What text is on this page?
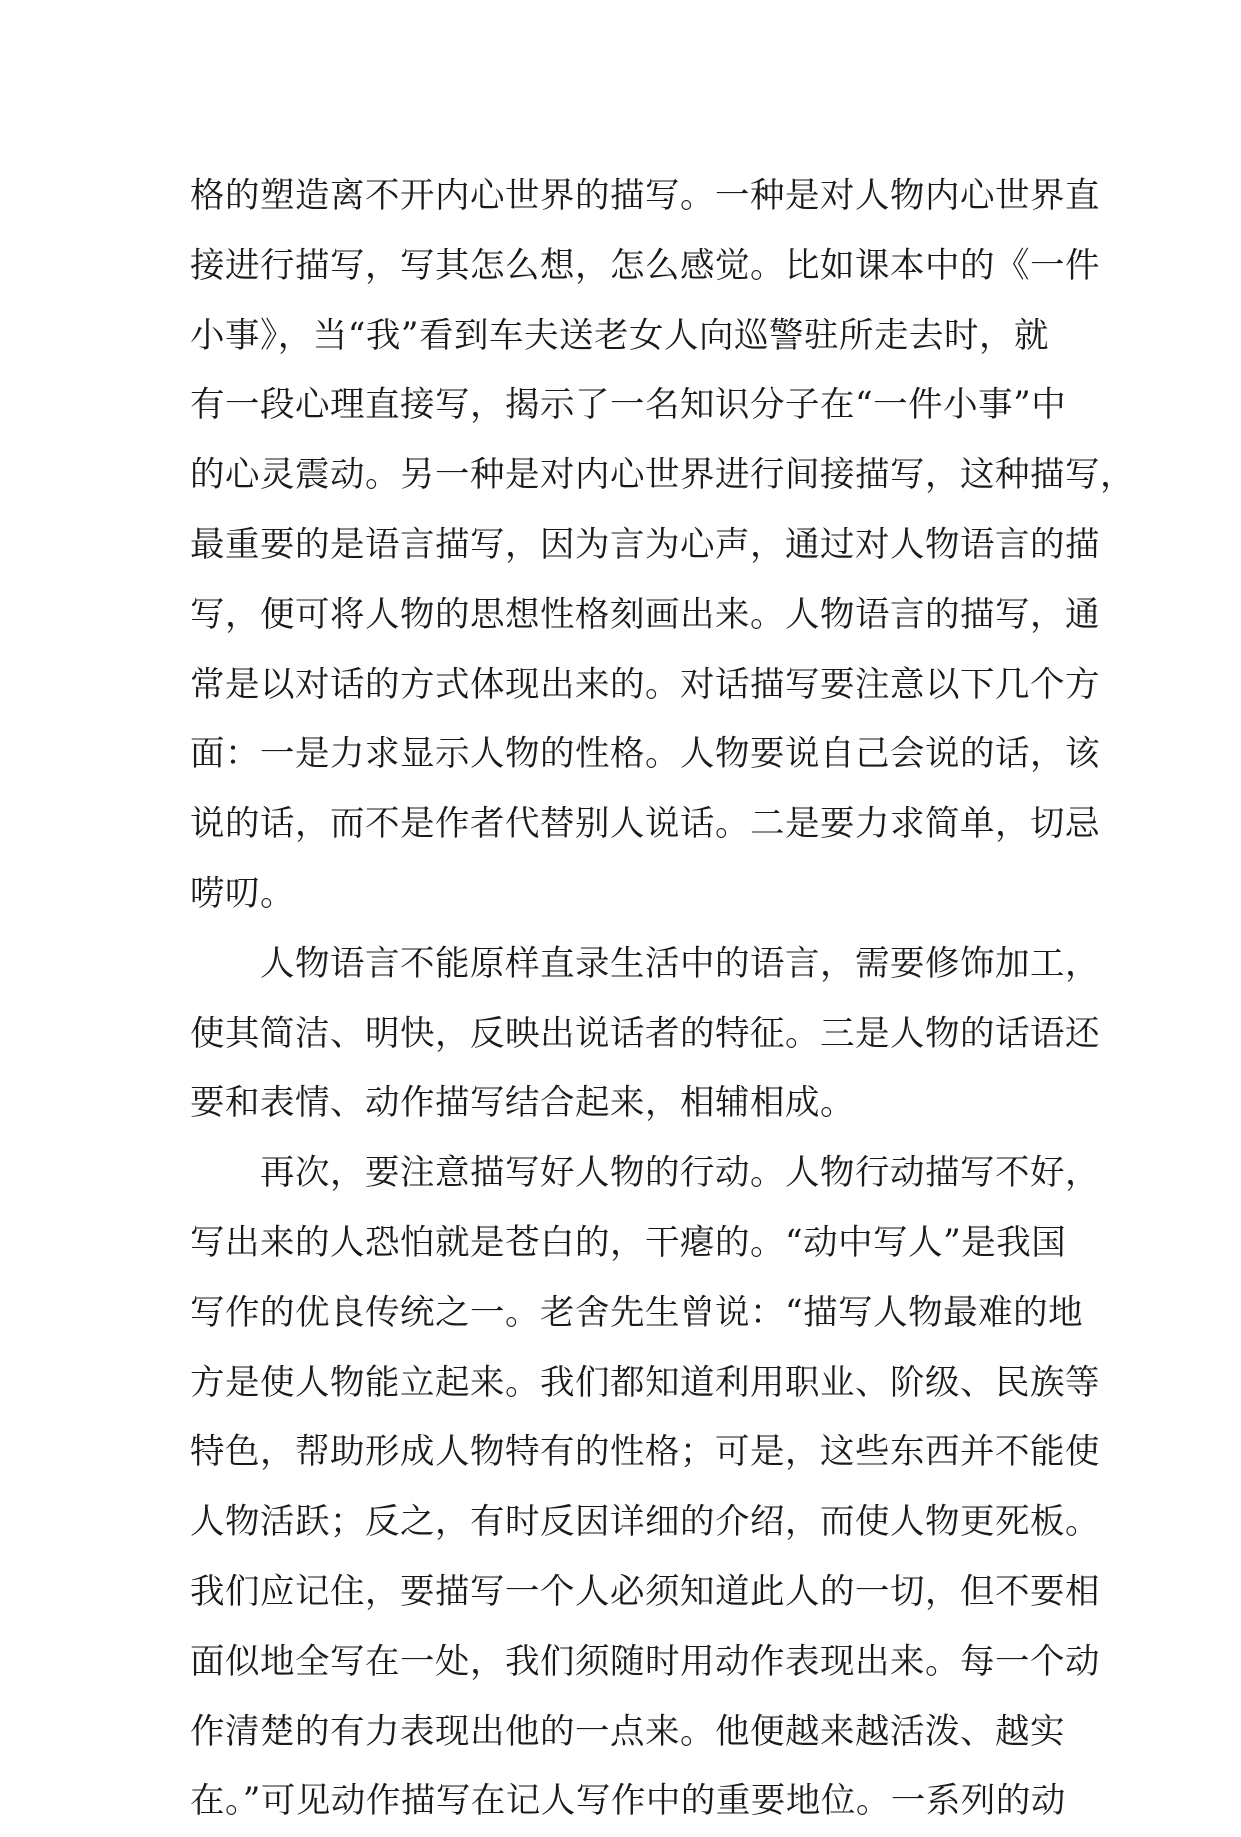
格的塑造离不开内心世界的描写。一种是对人物内心世界直
接进行描写，写其怎么想，怎么感觉。比如课本中的《一件
小事》，当“我”看到车夫送老女人向巡警驻所走去时，就
有一段心理直接写，揭示了一名知识分子在“一件小事”中
的心灵震动。另一种是对内心世界进行间接描写，这种描写，
最重要的是语言描写，因为言为心声，通过对人物语言的描
写，便可将人物的思想性格刻画出来。人物语言的描写，通
常是以对话的方式体现出来的。对话描写要注意以下几个方
面：一是力求显示人物的性格。人物要说自己会说的话，该
说的话，而不是作者代替别人说话。二是要力求简单，切忌
唠叨。
人物语言不能原样直录生活中的语言，需要修饰加工，
使其简洁、明快，反映出说话者的特征。三是人物的话语还
要和表情、动作描写结合起来，相辅相成。
再次，要注意描写好人物的行动。人物行动描写不好，
写出来的人恐怕就是苍白的，干瘪的。“动中写人”是我国
写作的优良传统之一。老舍先生曾说：“描写人物最难的地
方是使人物能立起来。我们都知道利用职业、阶级、民族等
特色，帮助形成人物特有的性格；可是，这些东西并不能使
人物活跃；反之，有时反因详细的介绍，而使人物更死板。
我们应记住，要描写一个人必须知道此人的一切，但不要相
面似地全写在一处，我们须随时用动作表现出来。每一个动
作清楚的有力表现出他的一点来。他便越来越活泼、越实
在。”可见动作描写在记人写作中的重要地位。一系列的动
